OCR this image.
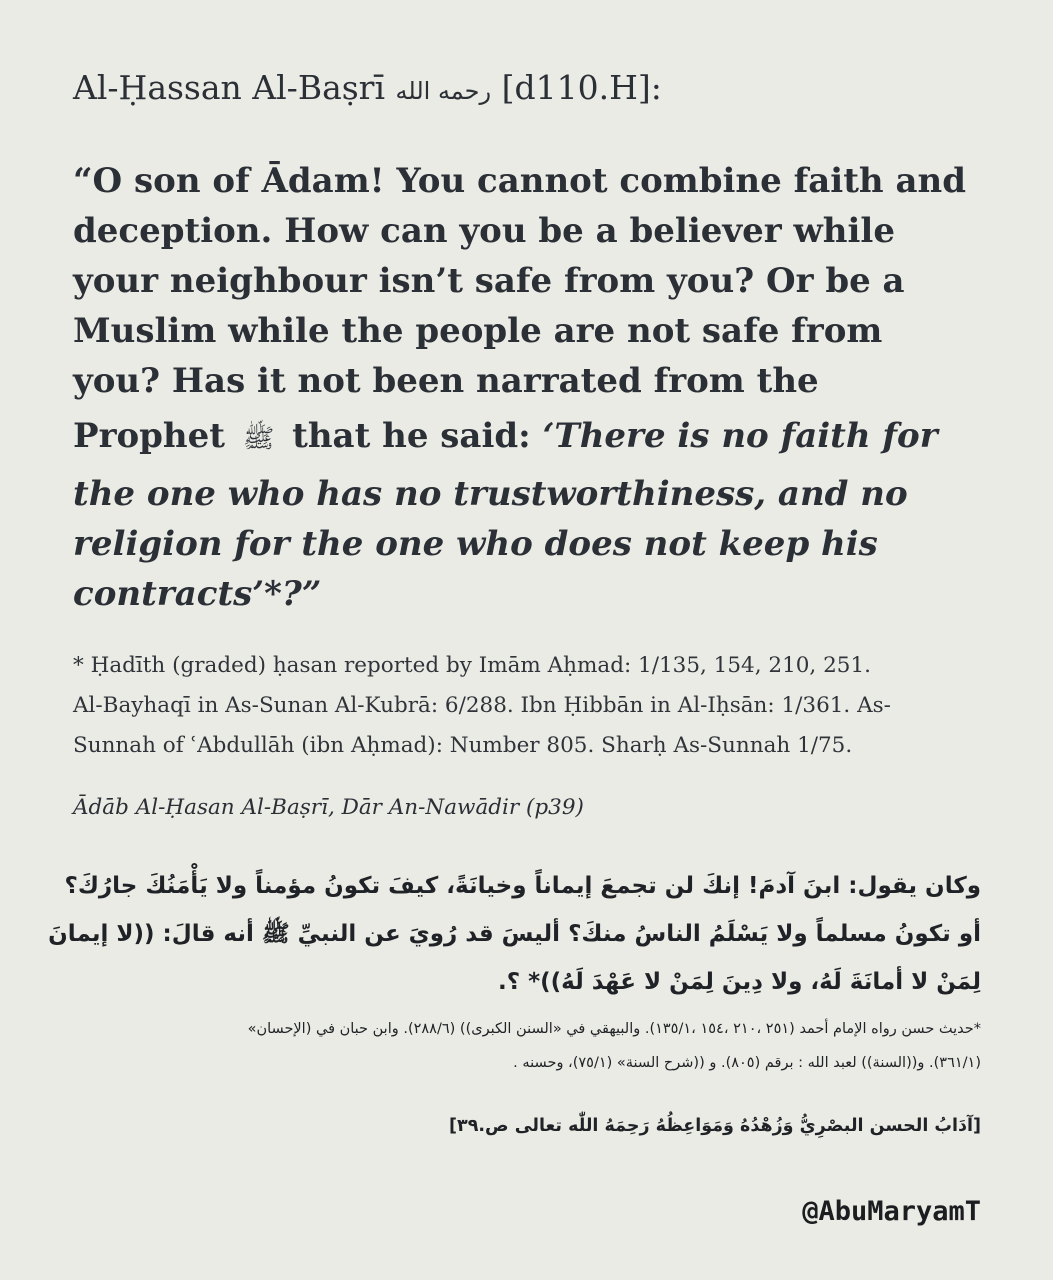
Al-Ḥassan Al-Baṣrī رحمه الله [d110.H]:
“O son of Ādam! You cannot combine faith and
deception. How can you be a believer while
your neighbour isn’t safe from you? Or be a
Muslim while the people are not safe from
you? Has it not been narrated from the
Prophet ﷺ that he said: ‘There is no faith for
the one who has no trustworthiness, and no
religion for the one who does not keep his
contracts’*?”
* Ḥadīth (graded) ḥasan reported by Imām Aḥmad: 1/135, 154, 210, 251.
Al-Bayhaqī in As-Sunan Al-Kubrā: 6/288. Ibn Ḥibbān in Al-Iḥsān: 1/361. As-
Sunnah of ʿAbdullāh (ibn Aḥmad): Number 805. Sharḥ As-Sunnah 1/75.
Ādāb Al-Ḥasan Al-Baṣrī, Dār An-Nawādir (p39)
وكان يقول: ابنَ آدمَ! إنكَ لن تجمعَ إيماناً وخيانَةً، كيفَ تكونُ مؤمناً ولا يَأْمَنُكَ جارُكَ؟
أو تكونُ مسلماً ولا يَسْلَمُ الناسُ منكَ؟ أليسَ قد رُويَ عن النبيِّ ﷺ أنه قالَ: ((لا إيمانَ
لِمَنْ لا أمانَةَ لَهُ، ولا دِينَ لِمَنْ لا عَهْدَ لَهُ))* ؟.
*حديث حسن رواه الإمام أحمد (٢٥١ ،٢١٠ ،١٥٤ ،١٣٥/١). والبيهقي في «السنن الكبرى)) (٢٨٨/٦). وابن حبان في (الإحسان»
(٣٦١/١). و((السنة)) لعبد الله : برقم (٨٠٥). و ((شرح السنة» (٧٥/١)، وحسنه .
[آدَابُ الحسن البصْرِيُّ وَزُهْدُهُ وَمَوَاعِظُهُ رَحِمَهُ اللّٰه تعالى ص.٣٩]
@AbuMaryamT
